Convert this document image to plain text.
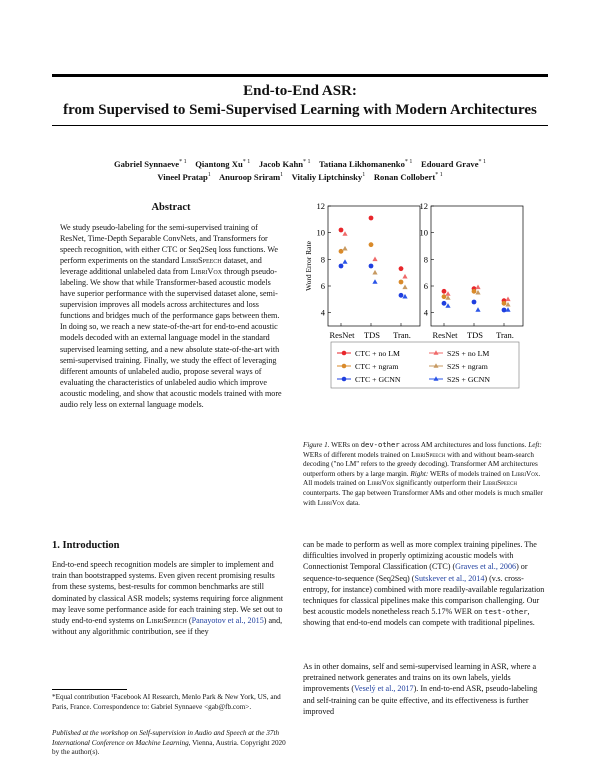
End-to-End ASR:
from Supervised to Semi-Supervised Learning with Modern Architectures
Gabriel Synnaeve$^{* 1}$ Qiantong Xu$^{* 1}$ Jacob Kahn$^{* 1}$ Tatiana Likhomanenko$^{* 1}$ Edouard Grave$^{* 1}$
Vineel Pratap$^1$ Anuroop Sriram$^1$ Vitaliy Liptchinsky$^1$ Ronan Collobert$^{* 1}$
Abstract
We study pseudo-labeling for the semi-supervised training of ResNet, Time-Depth Separable ConvNets, and Transformers for speech recognition, with either CTC or Seq2Seq loss functions. We perform experiments on the standard LibriSpeech dataset, and leverage additional unlabeled data from LibriVox through pseudo-labeling. We show that while Transformer-based acoustic models have superior performance with the supervised dataset alone, semi-supervision improves all models across architectures and loss functions and bridges much of the performance gaps between them. In doing so, we reach a new state-of-the-art for end-to-end acoustic models decoded with an external language model in the standard supervised learning setting, and a new absolute state-of-the-art with semi-supervised training. Finally, we study the effect of leveraging different amounts of unlabeled audio, propose several ways of evaluating the characteristics of unlabeled audio which improve acoustic modeling, and show that acoustic models trained with more audio rely less on external language models.
4
6
8
10
12
ResNet TDS Tran.
Word Error Rate
4
6
8
10
12
ResNet TDS Tran.
CTC + no LM	S2S + no LM
CTC + ngram	S2S + ngram
CTC + GCNN	S2S + GCNN
Figure 1. WERs on dev-other across AM architectures and loss functions. Left: WERs of different models trained on LibriSpeech with and without beam-search decoding ("no LM" refers to the greedy decoding). Transformer AM architectures outperform others by a large margin. Right: WERs of models trained on LibriVox. All models trained on LibriVox significantly outperform their LibriSpeech counterparts. The gap between Transformer AMs and other models is much smaller with LibriVox data.
1. Introduction
End-to-end speech recognition models are simpler to implement and train than bootstrapped systems. Even given recent promising results from these systems, best-results for common benchmarks are still dominated by classical ASR models; systems requiring force alignment may leave some performance aside for each training step. We set out to study end-to-end systems on LibriSpeech (Panayotov et al., 2015) and, without any algorithmic contribution, see if they
*Equal contribution ¹Facebook AI Research, Menlo Park & New York, US, and Paris, France. Correspondence to: Gabriel Synnaeve <gab@fb.com>.
Published at the workshop on Self-supervision in Audio and Speech at the 37th International Conference on Machine Learning, Vienna, Austria. Copyright 2020 by the author(s).
can be made to perform as well as more complex training pipelines. The difficulties involved in properly optimizing acoustic models with Connectionist Temporal Classification (CTC) (Graves et al., 2006) or sequence-to-sequence (Seq2Seq) (Sutskever et al., 2014) (v.s. cross-entropy, for instance) combined with more readily-available regularization techniques for classical pipelines make this comparison challenging. Our best acoustic models nonetheless reach 5.17% WER on test-other, showing that end-to-end models can compete with traditional pipelines.
As in other domains, self and semi-supervised learning in ASR, where a pretrained network generates and trains on its own labels, yields improvements (Veselý et al., 2017). In end-to-end ASR, pseudo-labeling and self-training can be quite effective, and its effectiveness is further improved
